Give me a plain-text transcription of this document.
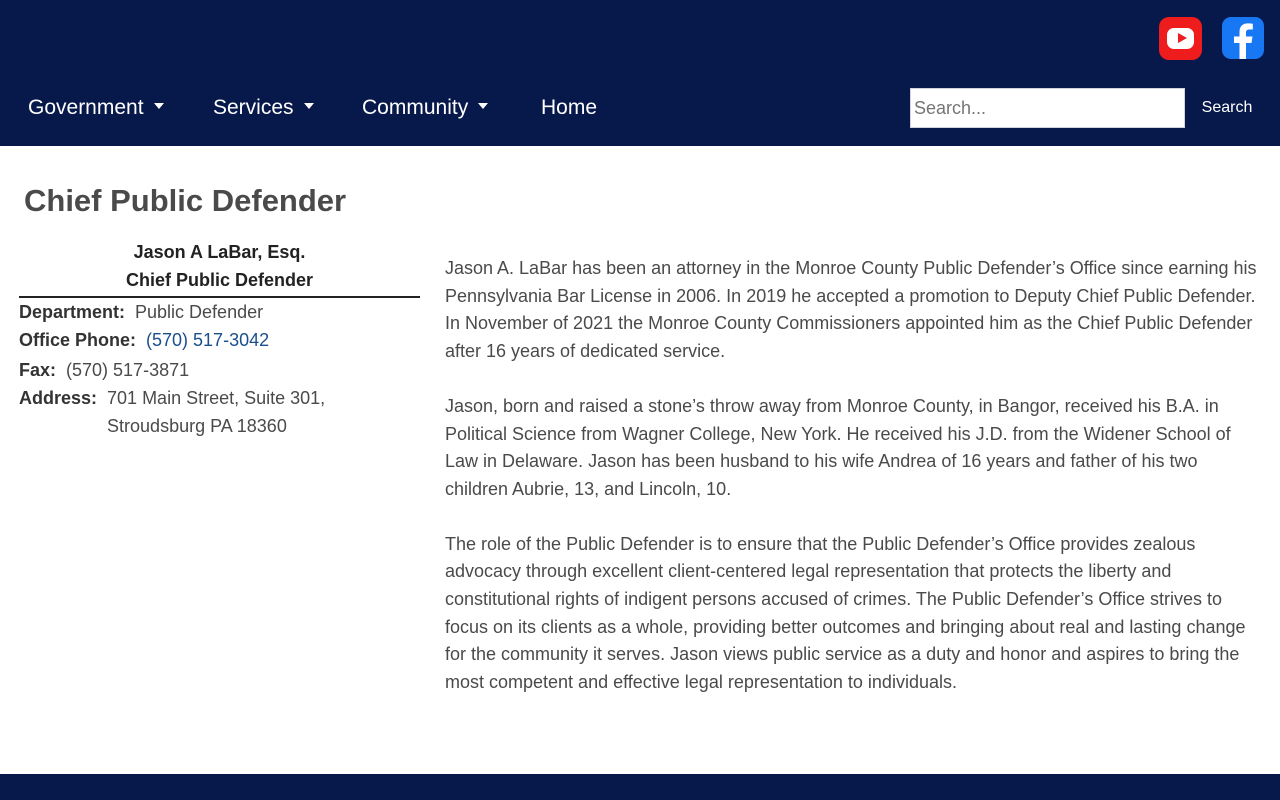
Government	Services	Community	Home
Search...	Search
Chief Public Defender
Jason A LaBar, Esq.
Chief Public Defender
Department: Public Defender
Office Phone: (570) 517-3042
Fax: (570) 517-3871
Address: 701 Main Street, Suite 301,
Stroudsburg PA 18360

Jason A. LaBar has been an attorney in the Monroe County Public Defender’s Office since earning his Pennsylvania Bar License in 2006. In 2019 he accepted a promotion to Deputy Chief Public Defender. In November of 2021 the Monroe County Commissioners appointed him as the Chief Public Defender after 16 years of dedicated service.

Jason, born and raised a stone’s throw away from Monroe County, in Bangor, received his B.A. in Political Science from Wagner College, New York. He received his J.D. from the Widener School of Law in Delaware. Jason has been husband to his wife Andrea of 16 years and father of his two children Aubrie, 13, and Lincoln, 10.

The role of the Public Defender is to ensure that the Public Defender’s Office provides zealous advocacy through excellent client-centered legal representation that protects the liberty and constitutional rights of indigent persons accused of crimes. The Public Defender’s Office strives to focus on its clients as a whole, providing better outcomes and bringing about real and lasting change for the community it serves. Jason views public service as a duty and honor and aspires to bring the most competent and effective legal representation to individuals.
